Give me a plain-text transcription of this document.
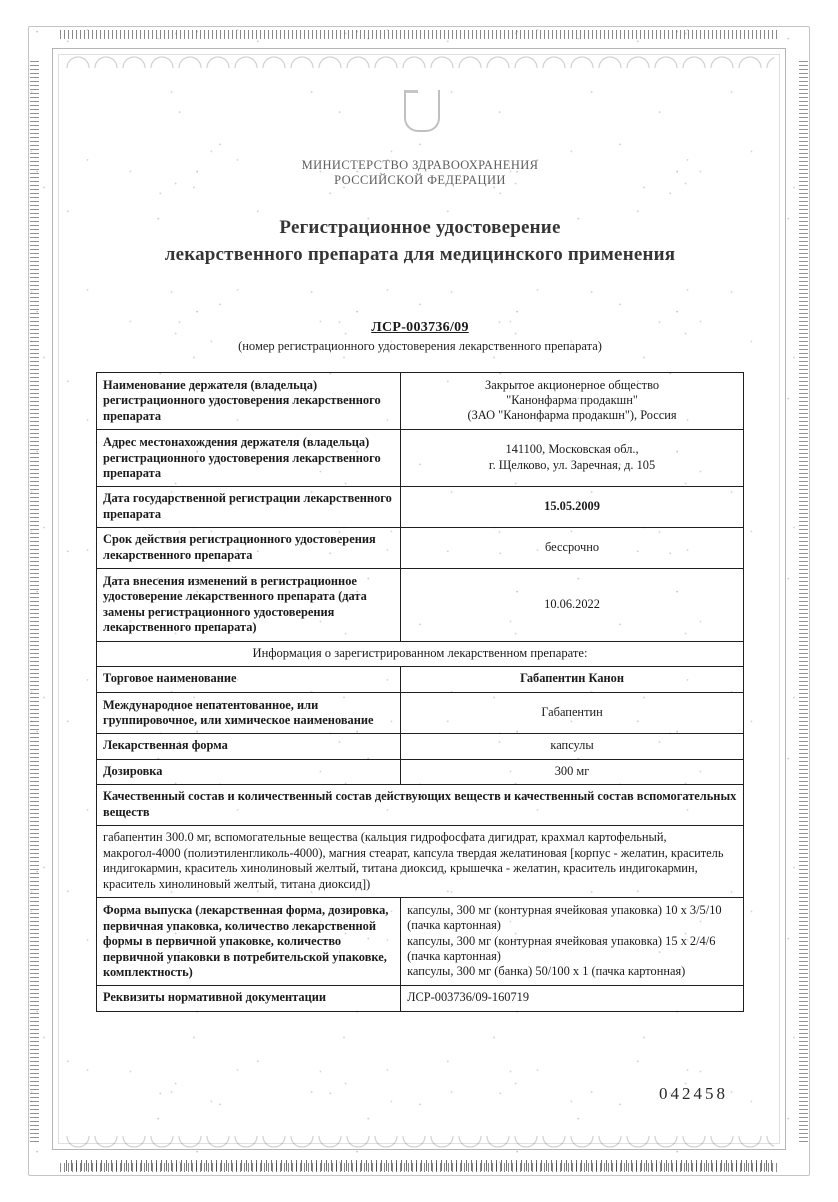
МИНИСТЕРСТВО ЗДРАВООХРАНЕНИЯ
РОССИЙСКОЙ ФЕДЕРАЦИИ
Регистрационное удостоверение
лекарственного препарата для медицинского применения
ЛСР-003736/09
(номер регистрационного удостоверения лекарственного препарата)
Наименование держателя (владельца) регистрационного удостоверения лекарственного препарата	Закрытое акционерное общество
"Канонфарма продакшн"
(ЗАО "Канонфарма продакшн"), Россия

Адрес местонахождения держателя (владельца) регистрационного удостоверения лекарственного препарата	141100, Московская обл.,
г. Щелково, ул. Заречная, д. 105

Дата государственной регистрации лекарственного препарата	15.05.2009
Срок действия регистрационного удостоверения лекарственного препарата	бессрочно
Дата внесения изменений в регистрационное удостоверение лекарственного препарата (дата замены регистрационного удостоверения лекарственного препарата)	10.06.2022
Информация о зарегистрированном лекарственном препарате:	
Торговое наименование	Габапентин Канон
Международное непатентованное, или группировочное, или химическое наименование	Габапентин
Лекарственная форма	капсулы
Дозировка	300 мг
Качественный состав и количественный состав действующих веществ и качественный состав вспомогательных веществ	
габапентин 300.0 мг, вспомогательные вещества (кальция гидрофосфата дигидрат, крахмал картофельный, макрогол-4000 (полиэтиленгликоль-4000), магния стеарат, капсула твердая желатиновая [корпус - желатин, краситель индигокармин, краситель хинолиновый желтый, титана диоксид, крышечка - желатин, краситель индигокармин, краситель хинолиновый желтый, титана диоксид])	
Форма выпуска (лекарственная форма, дозировка, первичная упаковка, количество лекарственной формы в первичной упаковке, количество первичной упаковки в потребительской упаковке, комплектность)	капсулы, 300 мг (контурная ячейковая упаковка) 10 х 3/5/10 (пачка картонная)
капсулы, 300 мг (контурная ячейковая упаковка) 15 х 2/4/6 (пачка картонная)
капсулы, 300 мг (банка) 50/100 х 1 (пачка картонная)

Реквизиты нормативной документации	ЛСР-003736/09-160719
042458
